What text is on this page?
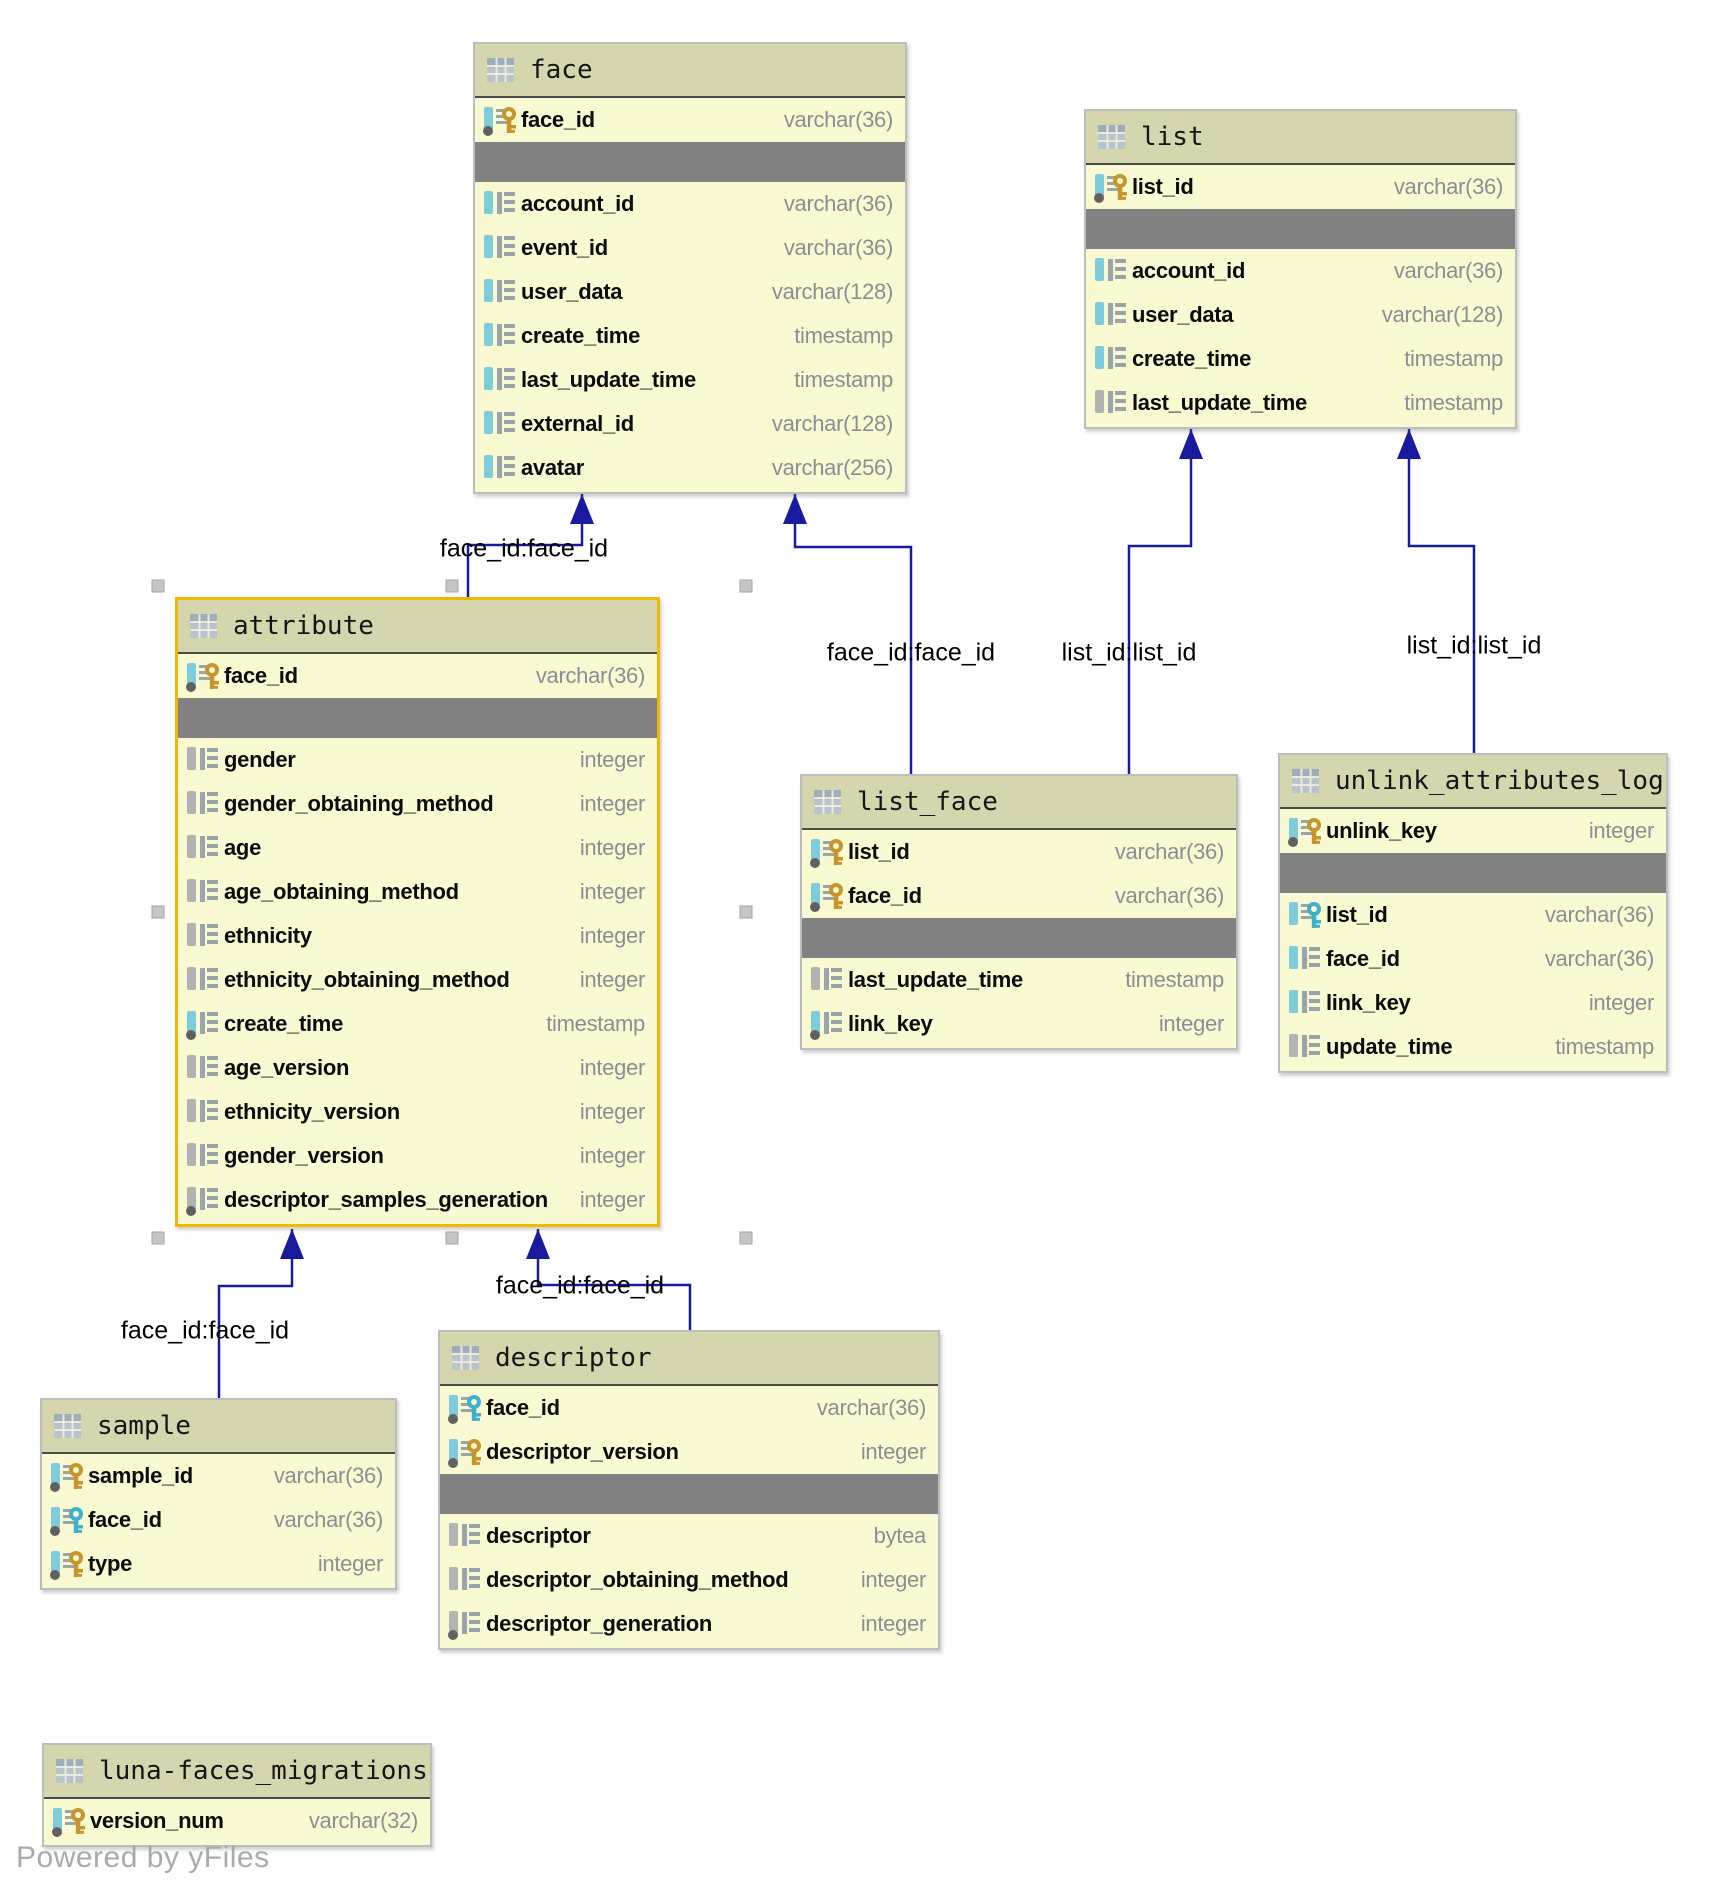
face
face_id	varchar(36)
account_id	varchar(36)
event_id	varchar(36)
user_data	varchar(128)
create_time	timestamp
last_update_time	timestamp
external_id	varchar(128)
avatar	varchar(256)
list
list_id	varchar(36)
account_id	varchar(36)
user_data	varchar(128)
create_time	timestamp
last_update_time	timestamp
attribute
face_id	varchar(36)
gender	integer
gender_obtaining_method	integer
age	integer
age_obtaining_method	integer
ethnicity	integer
ethnicity_obtaining_method	integer
create_time	timestamp
age_version	integer
ethnicity_version	integer
gender_version	integer
descriptor_samples_generation integer
list_face
list_id	varchar(36)
face_id	varchar(36)
last_update_time	timestamp
link_key	integer
unlink_attributes_log
unlink_key	integer
list_id	varchar(36)
face_id	varchar(36)
link_key	integer
update_time	timestamp
sample
sample_id	varchar(36)
face_id	varchar(36)
type	integer
descriptor
face_id	varchar(36)
descriptor_version	integer
descriptor	bytea
descriptor_obtaining_method	integer
descriptor_generation	integer
luna-faces_migrations
version_num	varchar(32)
face_id:face_id
face_id:face_id	list_id:list_id	list_id:list_id
face_id:face_id
face_id:face_id
Powered by yFiles
